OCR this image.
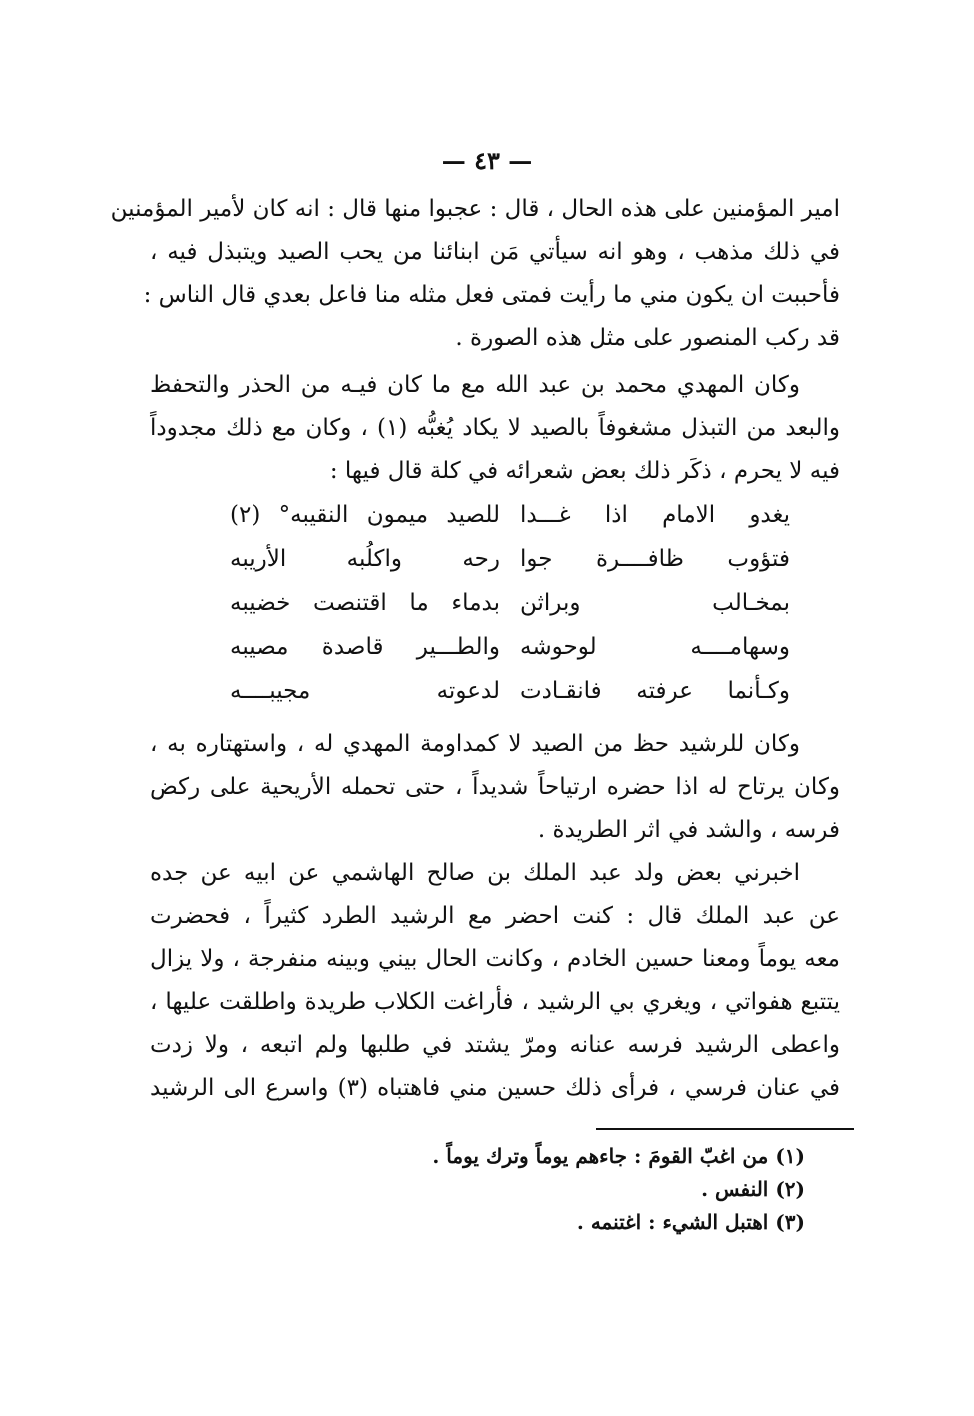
— ٤٣ —
امير المؤمنين على هذه الحال ، قال : عجبوا منها قال : انه كان لأمير المؤمنين
في ذلك مذهب ، وهو انه سيأتي مَن ابنائنا من يحب الصيد ويتبذل فيه ،
فأحببت ان يكون مني ما رأيت فمتى فعل مثله منا فاعل بعدي قال الناس :
قد ركب المنصور على مثل هذه الصورة .
وكان المهدي محمد بن عبد الله مع ما كان فيـه من الحذر والتحفظ
والبعد من التبذل مشغوفاً بالصيد لا يكاد يُغبُّه (١) ، وكان مع ذلك مجدوداً
فيه لا يحرم ، ذكَر ذلك بعض شعرائه في كلة قال فيها :
يغدو الامام اذا غـــدا
للصيد ميمون النقيبه° (٢)
فتؤوب ظافــــرة جوا
رحه واكلُبه الأريبه
بمخـالب وبراثن
بدماء ما اقتنصت خضيبه
وسهامــــه لوحوشه
والطـــير قاصدة مصيبه
وكـأنما عرفته فانقـادت
لدعوته مجيبــــه
وكان للرشيد حظ من الصيد لا كمداومة المهدي له ، واستهتاره به ،
وكان يرتاح له اذا حضره ارتياحاً شديداً ، حتى تحمله الأريحية على ركض
فرسه ، والشد في اثر الطريدة .
اخبرني بعض ولد عبد الملك بن صالح الهاشمي عن ابيه عن جده
عن عبد الملك قال : كنت احضر مع الرشيد الطرد كثيراً ، فحضرت
معه يوماً ومعنا حسين الخادم ، وكانت الحال بيني وبينه منفرجة ، ولا يزال
يتتبع هفواتي ، ويغري بي الرشيد ، فأراغت الكلاب طريدة واطلقت عليها ،
واعطى الرشيد فرسه عنانه ومرّ يشتد في طلبها ولم اتبعه ، ولا زدت
في عنان فرسي ، فرأى ذلك حسين مني فاهتباه (٣) واسرع الى الرشيد
(١) من اغبّ القومَ : جاءهم يوماً وترك يوماً .
(٢) النفس .
(٣) اهتبل الشيء : اغتنمه .
